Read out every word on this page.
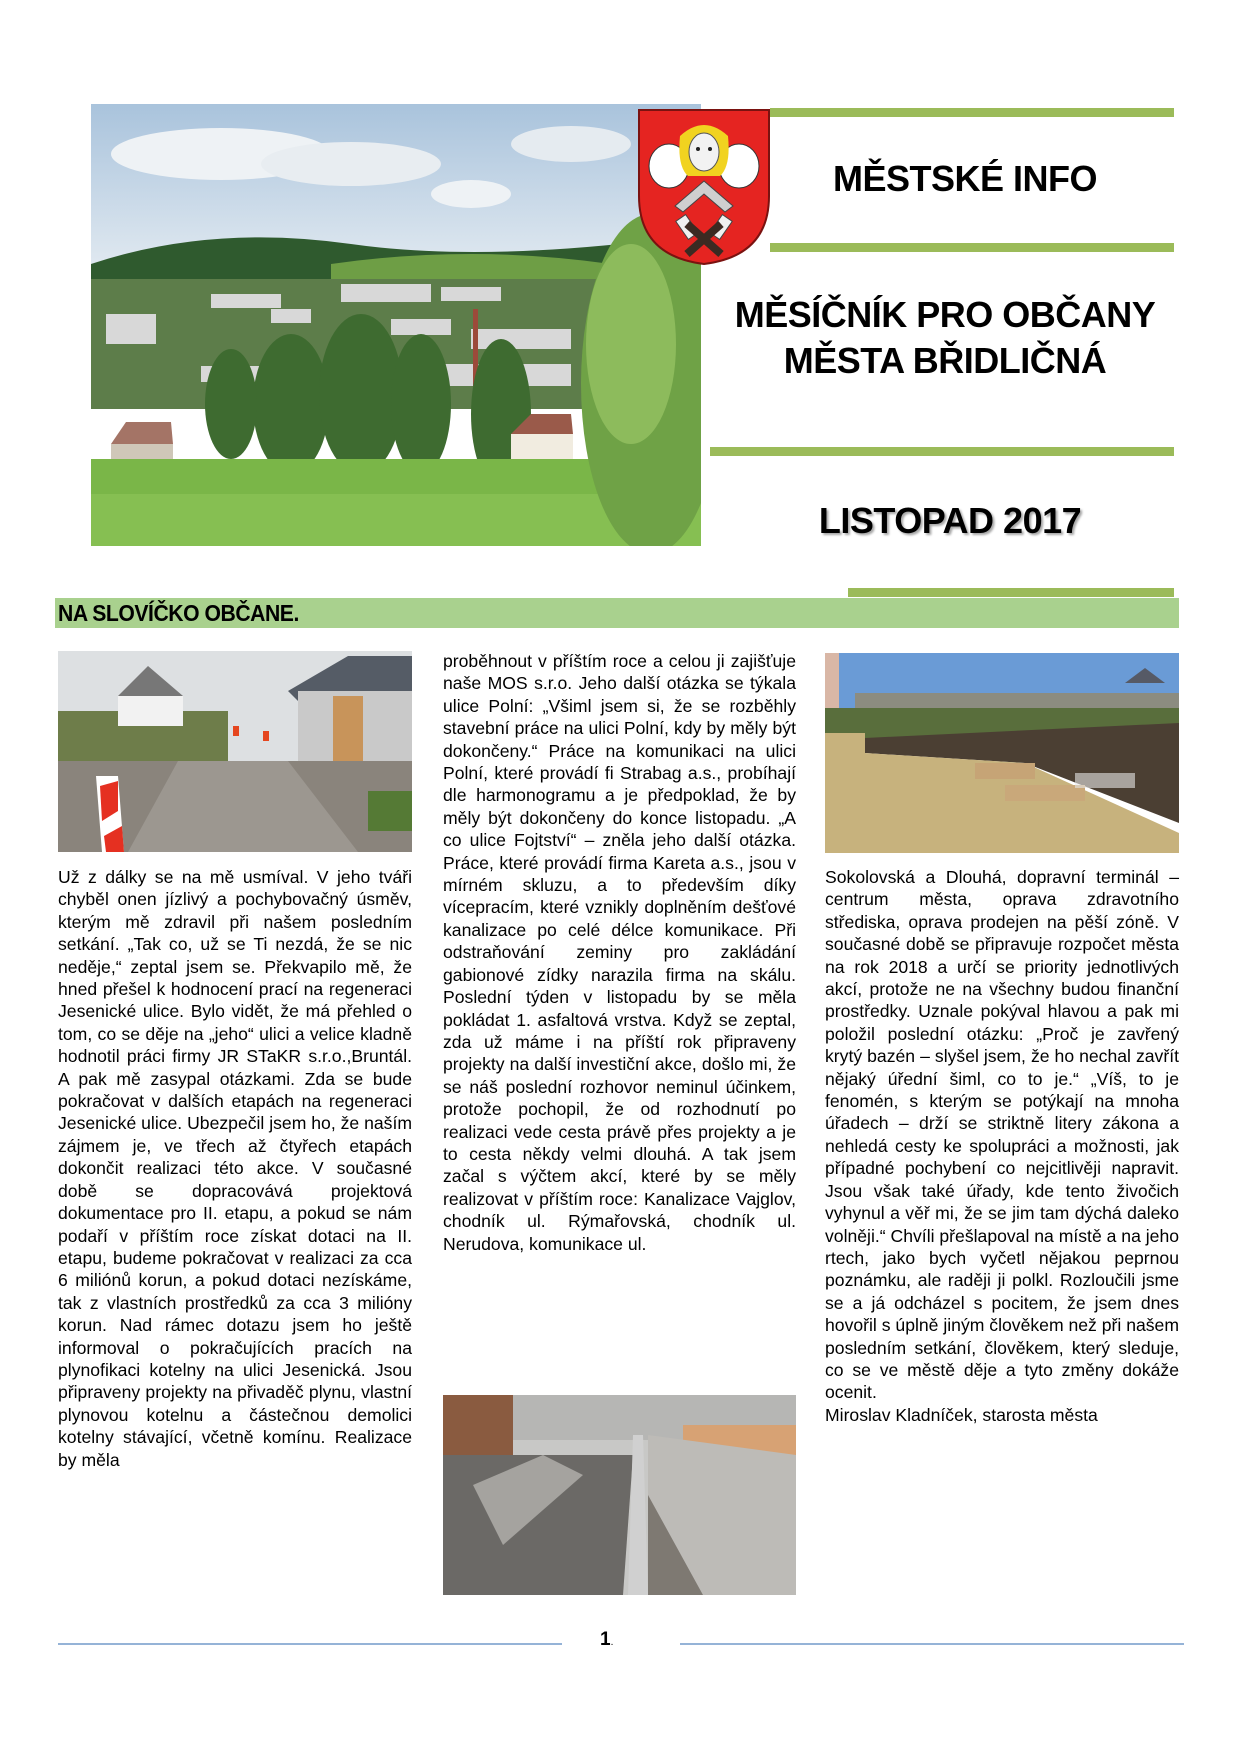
MĚSTSKÉ INFO
MĚSÍČNÍK PRO OBČANY
MĚSTA BŘIDLIČNÁ
LISTOPAD 2017
NA SLOVÍČKO OBČANE.

Už z dálky se na mě usmíval. V jeho tváři chyběl onen jízlivý a pochybovačný úsměv, kterým mě zdravil při našem posledním setkání. „Tak co, už se Ti nezdá, že se nic neděje,“ zeptal jsem se. Překvapilo mě, že hned přešel k hodnocení prací na regeneraci Jesenické ulice. Bylo vidět, že má přehled o tom, co se děje na „jeho“ ulici a velice kladně hodnotil práci firmy JR STaKR s.r.o.,Bruntál. A pak mě zasypal otázkami. Zda se bude pokračovat v dalších etapách na regeneraci Jesenické ulice. Ubezpečil jsem ho, že naším zájmem je, ve třech až čtyřech etapách dokončit realizaci této akce. V současné době se dopracovává projektová dokumentace pro II. etapu, a pokud se nám podaří v příštím roce získat dotaci na II. etapu, budeme pokračovat v realizaci za cca 6 miliónů korun, a pokud dotaci nezískáme, tak z vlastních prostředků za cca 3 milióny korun. Nad rámec dotazu jsem ho ještě informoval o pokračujících pracích na plynofikaci kotelny na ulici Jesenická. Jsou připraveny projekty na přivaděč plynu, vlastní plynovou kotelnu a částečnou demolici kotelny stávající, včetně komínu. Realizace by měla

proběhnout v příštím roce a celou ji zajišťuje naše MOS s.r.o. Jeho další otázka se týkala ulice Polní: „Všiml jsem si, že se rozběhly stavební práce na ulici Polní, kdy by měly být dokončeny.“ Práce na komunikaci na ulici Polní, které provádí fi Strabag a.s., probíhají dle harmonogramu a je předpoklad, že by měly být dokončeny do konce listopadu. „A co ulice Fojtství“ – zněla jeho další otázka. Práce, které provádí firma Kareta a.s., jsou v mírném skluzu, a to především díky vícepracím, které vznikly doplněním dešťové kanalizace po celé délce komunikace. Při odstraňování zeminy pro zakládání gabionové zídky narazila firma na skálu. Poslední týden v listopadu by se měla pokládat 1. asfaltová vrstva. Když se zeptal, zda už máme i na příští rok připraveny projekty na další investiční akce, došlo mi, že se náš poslední rozhovor neminul účinkem, protože pochopil, že od rozhodnutí po realizaci vede cesta právě přes projekty a je to cesta někdy velmi dlouhá. A tak jsem začal s výčtem akcí, které by se měly realizovat v příštím roce: Kanalizace Vajglov, chodník ul. Rýmařovská, chodník ul. Nerudova, komunikace ul.

Sokolovská a Dlouhá, dopravní terminál – centrum města, oprava zdravotního střediska, oprava prodejen na pěší zóně. V současné době se připravuje rozpočet města na rok 2018 a určí se priority jednotlivých akcí, protože ne na všechny budou finanční prostředky. Uznale pokýval hlavou a pak mi položil poslední otázku: „Proč je zavřený krytý bazén – slyšel jsem, že ho nechal zavřít nějaký úřední šiml, co to je.“ „Víš, to je fenomén, s kterým se potýkají na mnoha úřadech – drží se striktně litery zákona a nehledá cesty ke spolupráci a možnosti, jak případné pochybení co nejcitlivěji napravit. Jsou však také úřady, kde tento živočich vyhynul a věř mi, že se jim tam dýchá daleko volněji.“ Chvíli přešlapoval na místě a na jeho rtech, jako bych vyčetl nějakou peprnou poznámku, ale raději ji polkl. Rozloučili jsme se a já odcházel s pocitem, že jsem dnes hovořil s úplně jiným člověkem než při našem posledním setkání, člověkem, který sleduje, co se ve městě děje a tyto změny dokáže ocenit.

Miroslav Kladníček, starosta města
1.
